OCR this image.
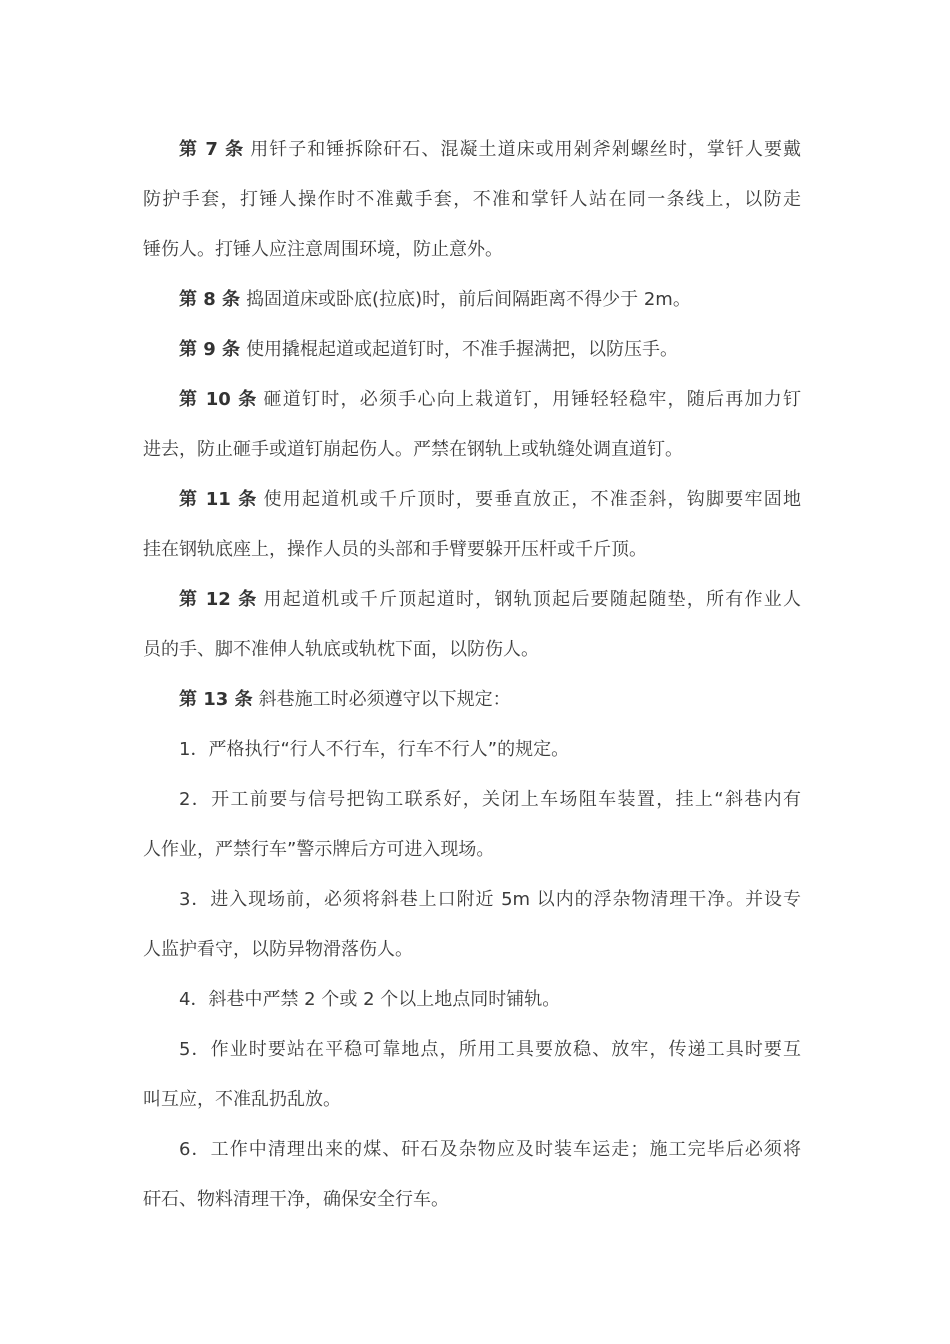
第 7 条 用钎子和锤拆除矸石、混凝土道床或用剁斧剁螺丝时，掌钎人要戴
防护手套，打锤人操作时不准戴手套，不准和掌钎人站在同一条线上，以防走
锤伤人。打锤人应注意周围环境，防止意外。
第 8 条 捣固道床或卧底(拉底)时，前后间隔距离不得少于 2m。
第 9 条 使用撬棍起道或起道钉时，不准手握满把，以防压手。
第 10 条 砸道钉时，必须手心向上栽道钉，用锤轻轻稳牢，随后再加力钉
进去，防止砸手或道钉崩起伤人。严禁在钢轨上或轨缝处调直道钉。
第 11 条 使用起道机或千斤顶时，要垂直放正，不准歪斜，钩脚要牢固地
挂在钢轨底座上，操作人员的头部和手臂要躲开压杆或千斤顶。
第 12 条 用起道机或千斤顶起道时，钢轨顶起后要随起随垫，所有作业人
员的手、脚不准伸人轨底或轨枕下面，以防伤人。
第 13 条 斜巷施工时必须遵守以下规定：
1．严格执行“行人不行车，行车不行人”的规定。
2．开工前要与信号把钩工联系好，关闭上车场阻车装置，挂上“斜巷内有
人作业，严禁行车”警示牌后方可进入现场。
3．进入现场前，必须将斜巷上口附近 5m 以内的浮杂物清理干净。并设专
人监护看守，以防异物滑落伤人。
4．斜巷中严禁 2 个或 2 个以上地点同时铺轨。
5．作业时要站在平稳可靠地点，所用工具要放稳、放牢，传递工具时要互
叫互应，不准乱扔乱放。
6．工作中清理出来的煤、矸石及杂物应及时装车运走；施工完毕后必须将
矸石、物料清理干净，确保安全行车。
